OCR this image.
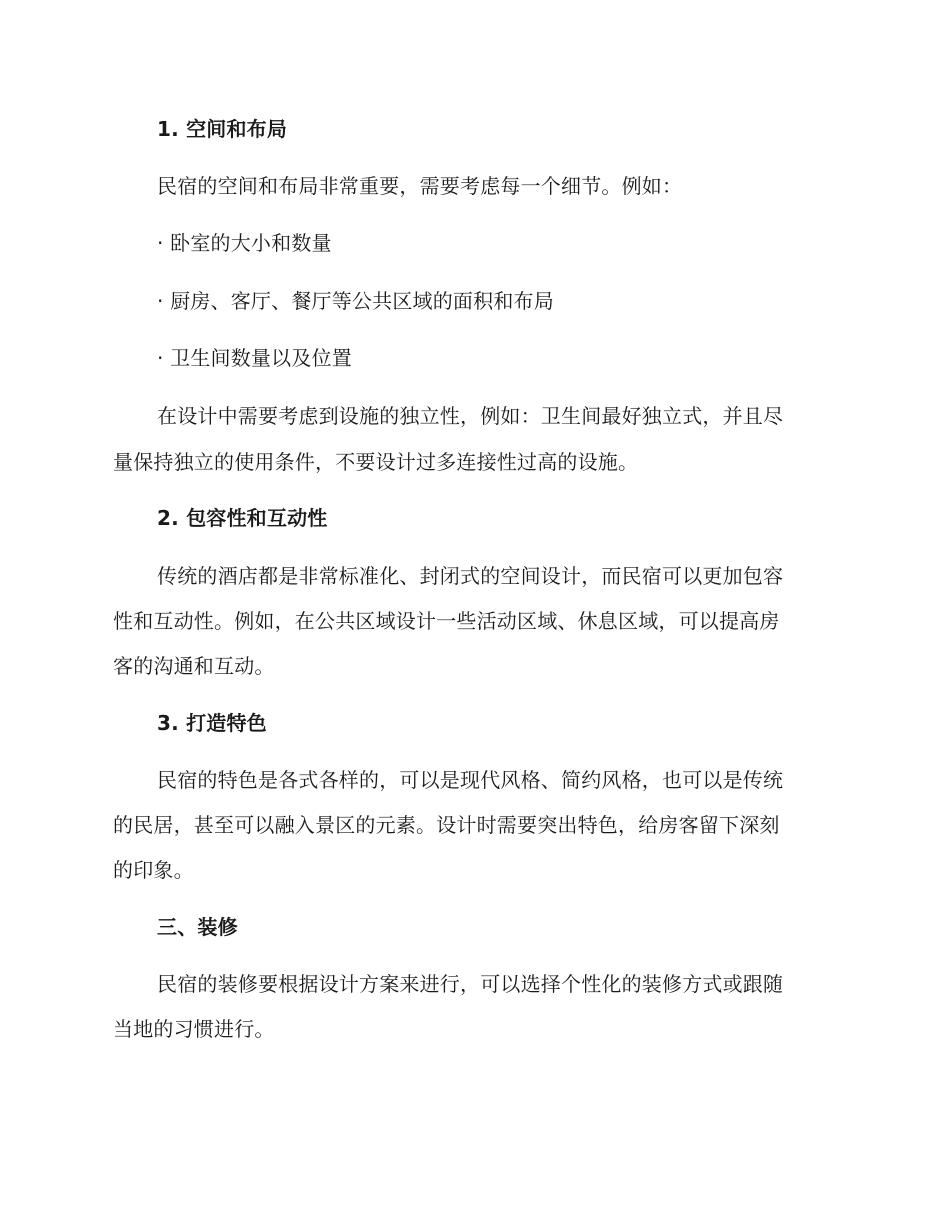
1. 空间和布局
民宿的空间和布局非常重要，需要考虑每一个细节。例如：
· 卧室的大小和数量
· 厨房、客厅、餐厅等公共区域的面积和布局
· 卫生间数量以及位置
在设计中需要考虑到设施的独立性，例如：卫生间最好独立式，并且尽
量保持独立的使用条件，不要设计过多连接性过高的设施。
2. 包容性和互动性
传统的酒店都是非常标准化、封闭式的空间设计，而民宿可以更加包容
性和互动性。例如，在公共区域设计一些活动区域、休息区域，可以提高房
客的沟通和互动。
3. 打造特色
民宿的特色是各式各样的，可以是现代风格、简约风格，也可以是传统
的民居，甚至可以融入景区的元素。设计时需要突出特色，给房客留下深刻
的印象。
三、装修
民宿的装修要根据设计方案来进行，可以选择个性化的装修方式或跟随
当地的习惯进行。
